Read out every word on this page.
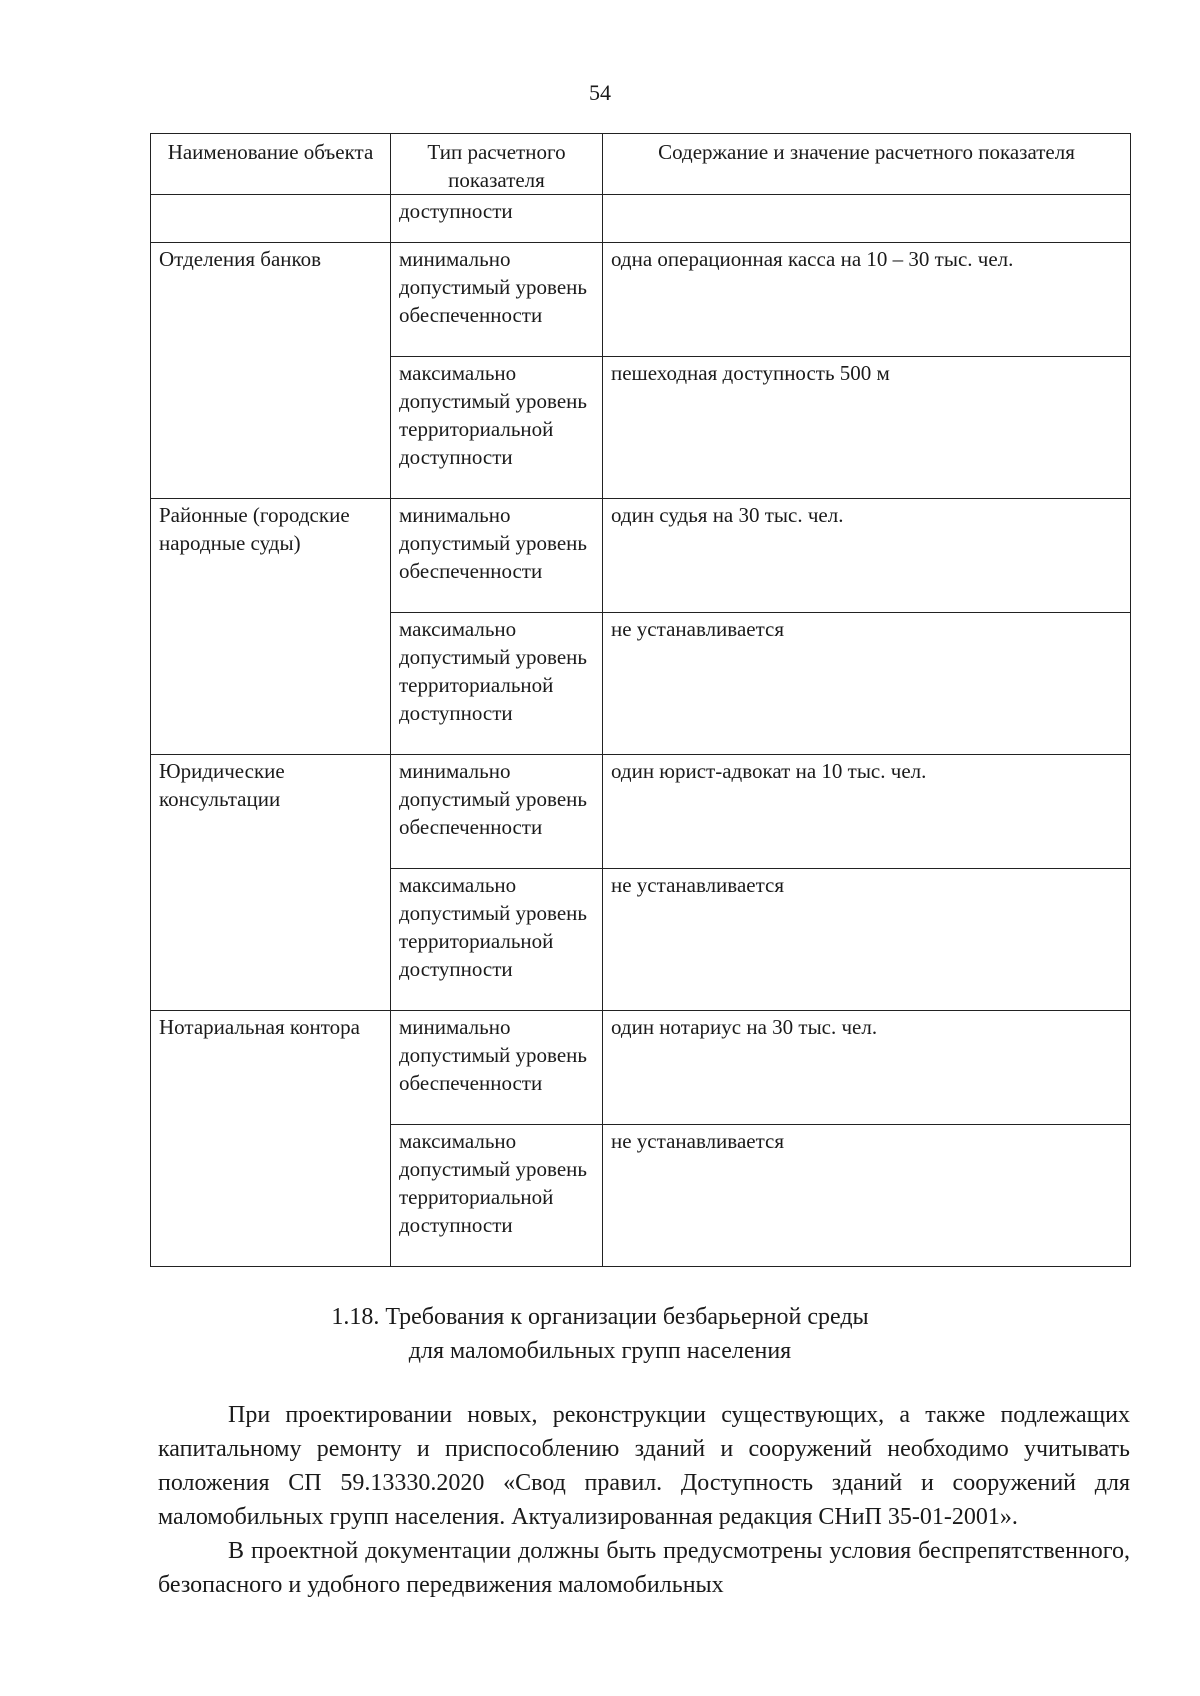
54
Наименование объекта	Тип расчетного показателя	Содержание и значение расчетного показателя
	доступности	
Отделения банков	минимально допустимый уровень обеспеченности	одна операционная касса на 10 – 30 тыс. чел.
	максимально допустимый уровень территориальной доступности	пешеходная доступность 500 м
Районные (городские народные суды)	минимально допустимый уровень обеспеченности	один судья на 30 тыс. чел.
	максимально допустимый уровень территориальной доступности	не устанавливается
Юридические консультации	минимально допустимый уровень обеспеченности	один юрист-адвокат на 10 тыс. чел.
	максимально допустимый уровень территориальной доступности	не устанавливается
Нотариальная контора	минимально допустимый уровень обеспеченности	один нотариус на 30 тыс. чел.
	максимально допустимый уровень территориальной доступности	не устанавливается
1.18. Требования к организации безбарьерной среды
для маломобильных групп населения

При проектировании новых, реконструкции существующих, а также подлежащих капитальному ремонту и приспособлению зданий и сооружений необходимо учитывать положения СП 59.13330.2020 «Свод правил. Доступность зданий и сооружений для маломобильных групп населения. Актуализированная редакция СНиП 35-01-2001».

В проектной документации должны быть предусмотрены условия беспрепятственного, безопасного и удобного передвижения маломобильных
